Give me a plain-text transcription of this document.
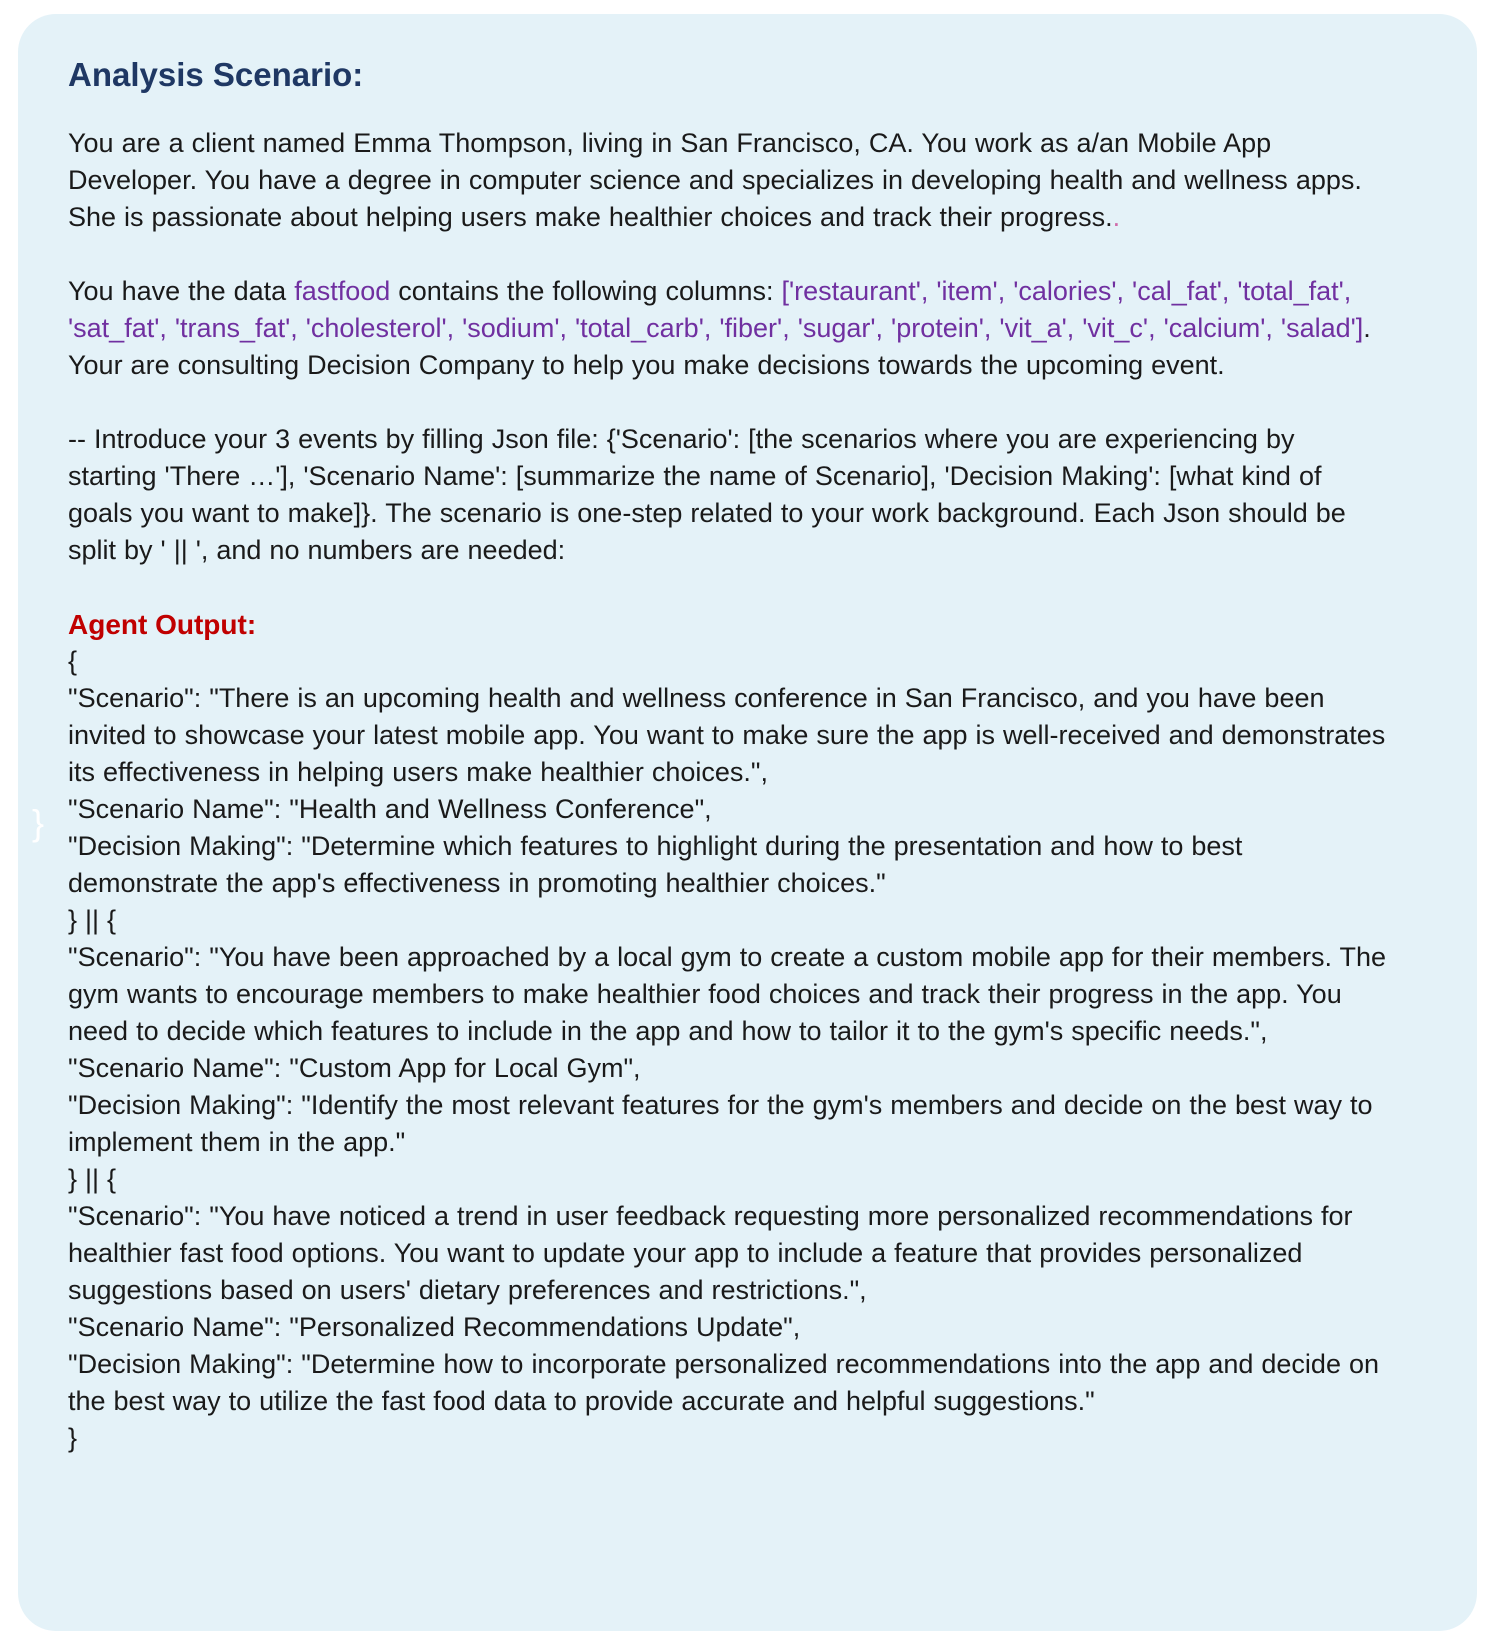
Analysis Scenario:

You are a client named Emma Thompson, living in San Francisco, CA. You work as a/an Mobile App Developer. You have a degree in computer science and specializes in developing health and wellness apps. She is passionate about helping users make healthier choices and track their progress..

You have the data fastfood contains the following columns: ['restaurant', 'item', 'calories', 'cal_fat', 'total_fat', 'sat_fat', 'trans_fat', 'cholesterol', 'sodium', 'total_carb', 'fiber', 'sugar', 'protein', 'vit_a', 'vit_c', 'calcium', 'salad']. Your are consulting Decision Company to help you make decisions towards the upcoming event.

-- Introduce your 3 events by filling Json file: {'Scenario': [the scenarios where you are experiencing by starting 'There …'], 'Scenario Name': [summarize the name of Scenario], 'Decision Making': [what kind of goals you want to make]}. The scenario is one-step related to your work background. Each Json should be split by ' || ', and no numbers are needed:

Agent Output:

{

"Scenario": "There is an upcoming health and wellness conference in San Francisco, and you have been invited to showcase your latest mobile app. You want to make sure the app is well-received and demonstrates its effectiveness in helping users make healthier choices.",

"Scenario Name": "Health and Wellness Conference",

"Decision Making": "Determine which features to highlight during the presentation and how to best demonstrate the app's effectiveness in promoting healthier choices."

} || {

"Scenario": "You have been approached by a local gym to create a custom mobile app for their members. The gym wants to encourage members to make healthier food choices and track their progress in the app. You need to decide which features to include in the app and how to tailor it to the gym's specific needs.",

"Scenario Name": "Custom App for Local Gym",

"Decision Making": "Identify the most relevant features for the gym's members and decide on the best way to implement them in the app."

} || {

"Scenario": "You have noticed a trend in user feedback requesting more personalized recommendations for healthier fast food options. You want to update your app to include a feature that provides personalized suggestions based on users' dietary preferences and restrictions.",

"Scenario Name": "Personalized Recommendations Update",

"Decision Making": "Determine how to incorporate personalized recommendations into the app and decide on the best way to utilize the fast food data to provide accurate and helpful suggestions."

}

}
